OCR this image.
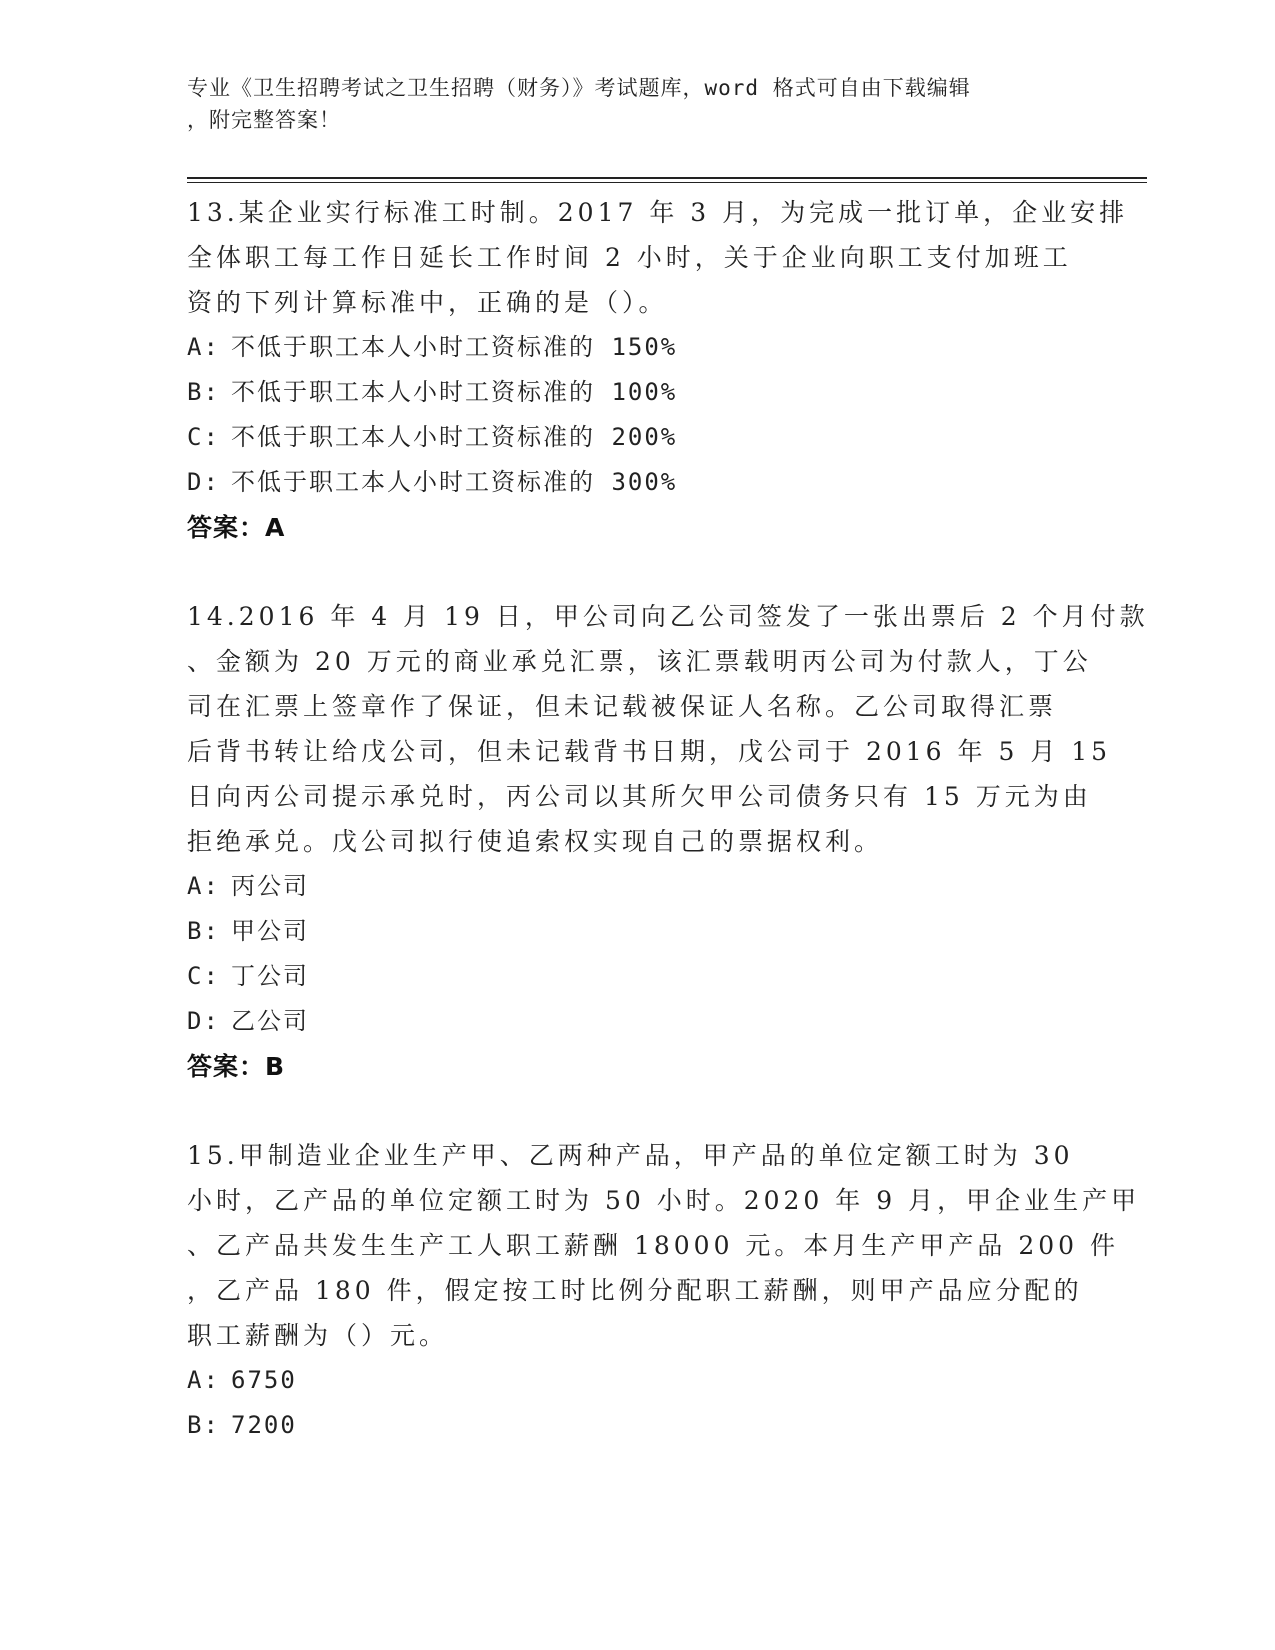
专业《卫生招聘考试之卫生招聘（财务）》考试题库，word 格式可自由下载编辑
，附完整答案！
13.某企业实行标准工时制。2017 年 3 月，为完成一批订单，企业安排
全体职工每工作日延长工作时间 2 小时，关于企业向职工支付加班工
资的下列计算标准中，正确的是（）。
A: 不低于职工本人小时工资标准的 150%
B: 不低于职工本人小时工资标准的 100%
C: 不低于职工本人小时工资标准的 200%
D: 不低于职工本人小时工资标准的 300%
答案：A
14.2016 年 4 月 19 日，甲公司向乙公司签发了一张出票后 2 个月付款
、金额为 20 万元的商业承兑汇票，该汇票载明丙公司为付款人，丁公
司在汇票上签章作了保证，但未记载被保证人名称。乙公司取得汇票
后背书转让给戊公司，但未记载背书日期，戊公司于 2016 年 5 月 15
日向丙公司提示承兑时，丙公司以其所欠甲公司债务只有 15 万元为由
拒绝承兑。戊公司拟行使追索权实现自己的票据权利。
A: 丙公司
B: 甲公司
C: 丁公司
D: 乙公司
答案：B
15.甲制造业企业生产甲、乙两种产品，甲产品的单位定额工时为 30
小时，乙产品的单位定额工时为 50 小时。2020 年 9 月，甲企业生产甲
、乙产品共发生生产工人职工薪酬 18000 元。本月生产甲产品 200 件
，乙产品 180 件，假定按工时比例分配职工薪酬，则甲产品应分配的
职工薪酬为（）元。
A: 6750
B: 7200
